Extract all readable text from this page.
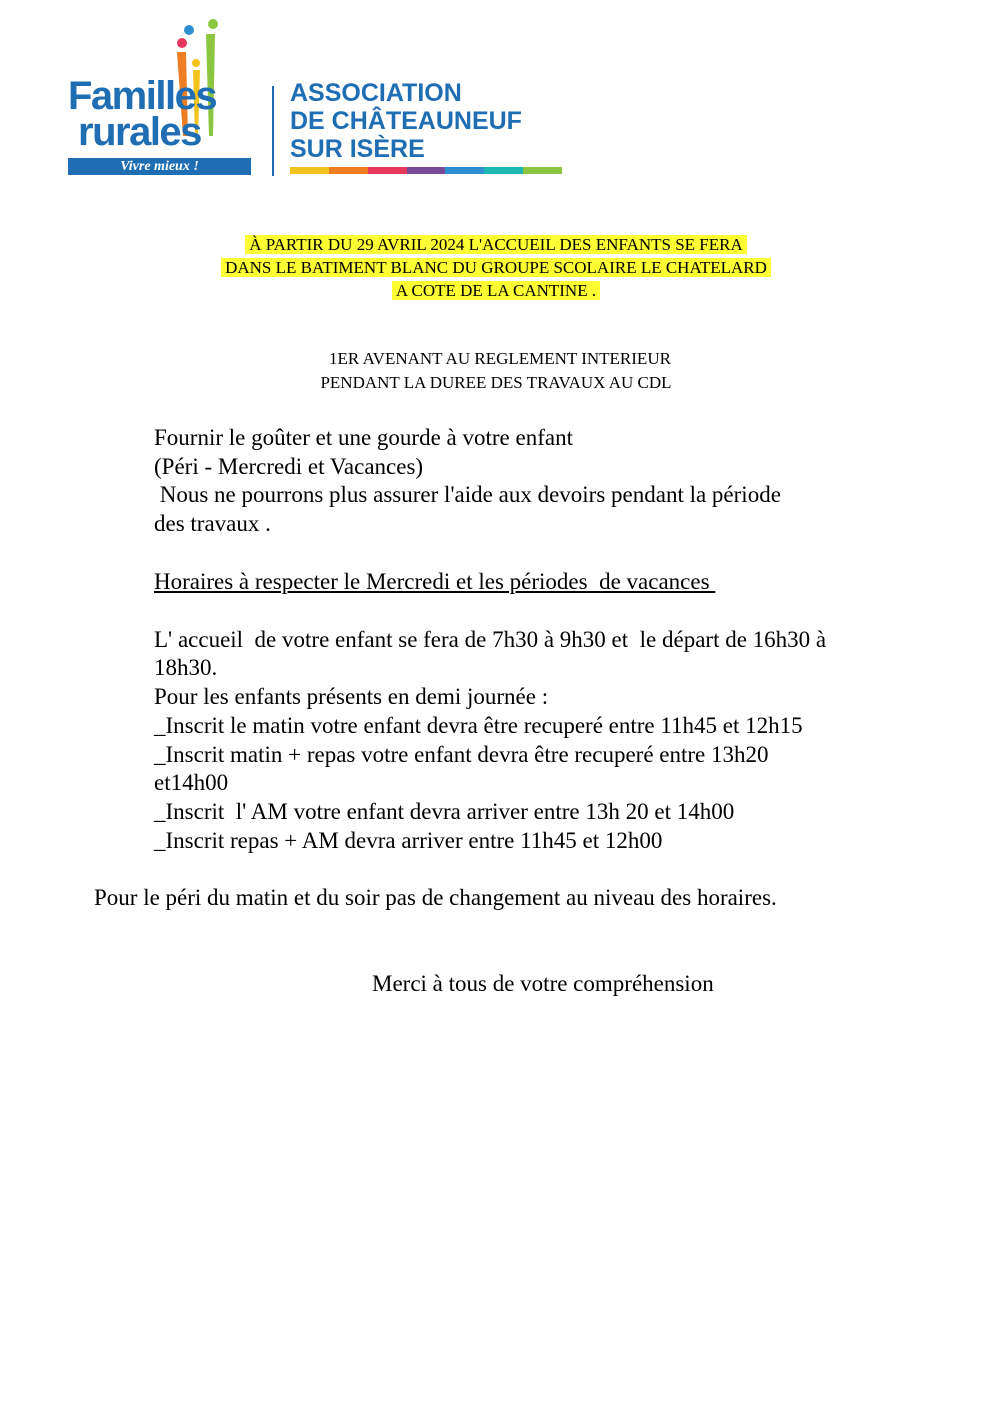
Familles
rurales
Vivre mieux !
ASSOCIATION
DE CHÂTEAUNEUF
SUR ISÈRE
À PARTIR DU 29 AVRIL 2024 L'ACCUEIL DES ENFANTS SE FERA
DANS LE BATIMENT BLANC DU GROUPE SCOLAIRE LE CHATELARD
A COTE DE LA CANTINE .
1ER AVENANT AU REGLEMENT INTERIEUR
PENDANT LA DUREE DES TRAVAUX AU CDL
Fournir le goûter et une gourde à votre enfant
(Péri - Mercredi et Vacances)
Nous ne pourrons plus assurer l'aide aux devoirs pendant la période
des travaux .
Horaires à respecter le Mercredi et les périodes  de vacances
L' accueil  de votre enfant se fera de 7h30 à 9h30 et  le départ de 16h30 à
18h30.
Pour les enfants présents en demi journée :
_Inscrit le matin votre enfant devra être recuperé entre 11h45 et 12h15
_Inscrit matin + repas votre enfant devra être recuperé entre 13h20
et14h00
_Inscrit  l' AM votre enfant devra arriver entre 13h 20 et 14h00
_Inscrit repas + AM devra arriver entre 11h45 et 12h00
Pour le péri du matin et du soir pas de changement au niveau des horaires.
Merci à tous de votre compréhension
